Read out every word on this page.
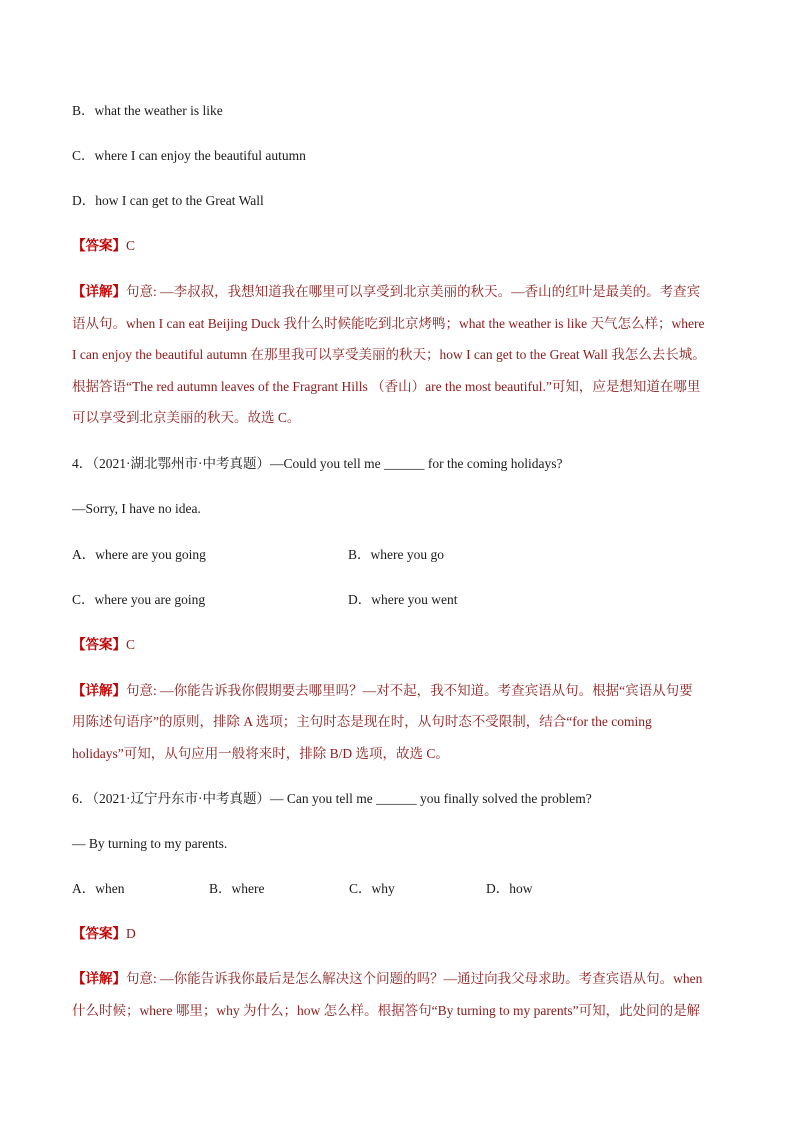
B．what the weather is like
C．where I can enjoy the beautiful autumn
D．how I can get to the Great Wall
【答案】C
【详解】句意: —李叔叔，我想知道我在哪里可以享受到北京美丽的秋天。—香山的红叶是最美的。考查宾
语从句。when I can eat Beijing Duck 我什么时候能吃到北京烤鸭；what the weather is like 天气怎么样；where
I can enjoy the beautiful autumn 在那里我可以享受美丽的秋天；how I can get to the Great Wall 我怎么去长城。
根据答语“The red autumn leaves of the Fragrant Hills （香山）are the most beautiful.”可知，应是想知道在哪里
可以享受到北京美丽的秋天。故选 C。
4．（2021·湖北鄂州市·中考真题）—Could you tell me ______ for the coming holidays?
—Sorry, I have no idea.
A．where are you going	B．where you go
C．where you are going	D．where you went
【答案】C
【详解】句意: —你能告诉我你假期要去哪里吗？—对不起，我不知道。考查宾语从句。根据“宾语从句要
用陈述句语序”的原则，排除 A 选项；主句时态是现在时，从句时态不受限制，结合“for the coming
holidays”可知，从句应用一般将来时，排除 B/D 选项，故选 C。
6．（2021·辽宁丹东市·中考真题）— Can you tell me ______ you finally solved the problem?
— By turning to my parents.
A．when	B．where	C．why	D．how
【答案】D
【详解】句意: —你能告诉我你最后是怎么解决这个问题的吗？—通过向我父母求助。考查宾语从句。when
什么时候；where 哪里；why 为什么；how 怎么样。根据答句“By turning to my parents”可知，此处问的是解
